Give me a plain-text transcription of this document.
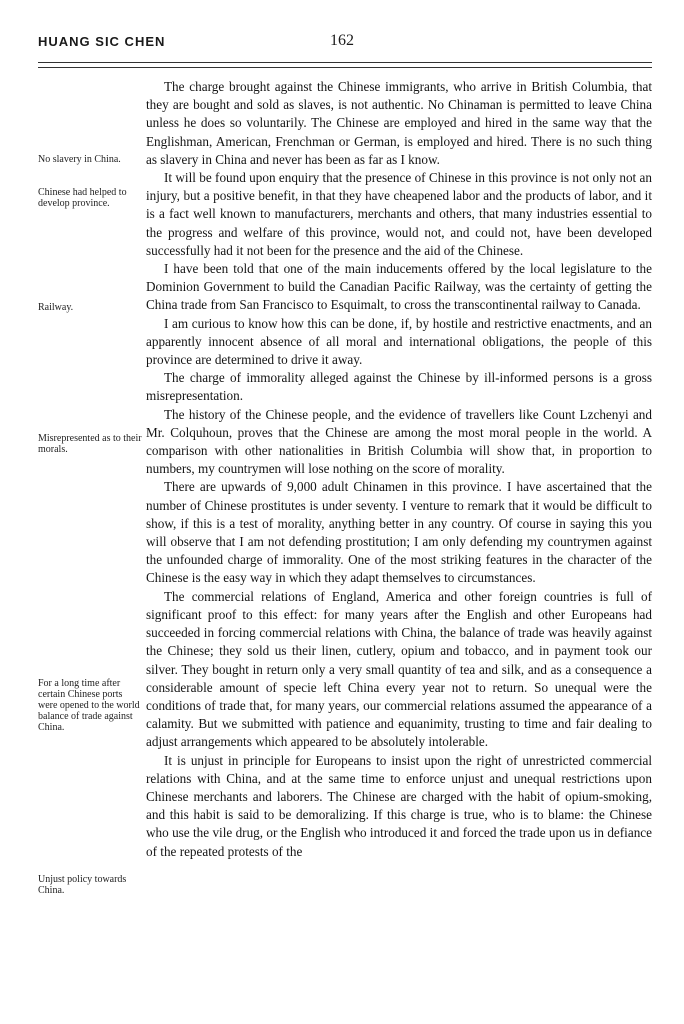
HUANG SIC CHEN	162
No slavery in China.
Chinese had helped to develop province.
Railway.
Misrepresented as to their morals.
For a long time after certain Chinese ports were opened to the world balance of trade against China.
Unjust policy towards China.

The charge brought against the Chinese immigrants, who arrive in British Columbia, that they are bought and sold as slaves, is not authentic. No Chinaman is permitted to leave China unless he does so voluntarily. The Chinese are employed and hired in the same way that the Englishman, American, Frenchman or German, is employed and hired. There is no such thing as slavery in China and never has been as far as I know.

It will be found upon enquiry that the presence of Chinese in this province is not only not an injury, but a positive benefit, in that they have cheapened labor and the products of labor, and it is a fact well known to manufacturers, merchants and others, that many industries essential to the progress and welfare of this province, would not, and could not, have been developed successfully had it not been for the presence and the aid of the Chinese.

I have been told that one of the main inducements offered by the local legislature to the Dominion Government to build the Canadian Pacific Railway, was the certainty of getting the China trade from San Francisco to Esquimalt, to cross the transcontinental railway to Canada.

I am curious to know how this can be done, if, by hostile and restrictive enactments, and an apparently innocent absence of all moral and international obligations, the people of this province are determined to drive it away.

The charge of immorality alleged against the Chinese by ill-informed persons is a gross misrepresentation.

The history of the Chinese people, and the evidence of travellers like Count Lzchenyi and Mr. Colquhoun, proves that the Chinese are among the most moral people in the world. A comparison with other nationalities in British Columbia will show that, in proportion to numbers, my countrymen will lose nothing on the score of morality.

There are upwards of 9,000 adult Chinamen in this province. I have ascertained that the number of Chinese prostitutes is under seventy. I venture to remark that it would be difficult to show, if this is a test of morality, anything better in any country. Of course in saying this you will observe that I am not defending prostitution; I am only defending my countrymen against the unfounded charge of immorality. One of the most striking features in the character of the Chinese is the easy way in which they adapt themselves to circumstances.

The commercial relations of England, America and other foreign countries is full of significant proof to this effect: for many years after the English and other Europeans had succeeded in forcing commercial relations with China, the balance of trade was heavily against the Chinese; they sold us their linen, cutlery, opium and tobacco, and in payment took our silver. They bought in return only a very small quantity of tea and silk, and as a consequence a considerable amount of specie left China every year not to return. So unequal were the conditions of trade that, for many years, our commercial relations assumed the appearance of a calamity. But we submitted with patience and equanimity, trusting to time and fair dealing to adjust arrangements which appeared to be absolutely intolerable.

It is unjust in principle for Europeans to insist upon the right of unrestricted commercial relations with China, and at the same time to enforce unjust and unequal restrictions upon Chinese merchants and laborers. The Chinese are charged with the habit of opium-smoking, and this habit is said to be demoralizing. If this charge is true, who is to blame: the Chinese who use the vile drug, or the English who introduced it and forced the trade upon us in defiance of the repeated protests of the
